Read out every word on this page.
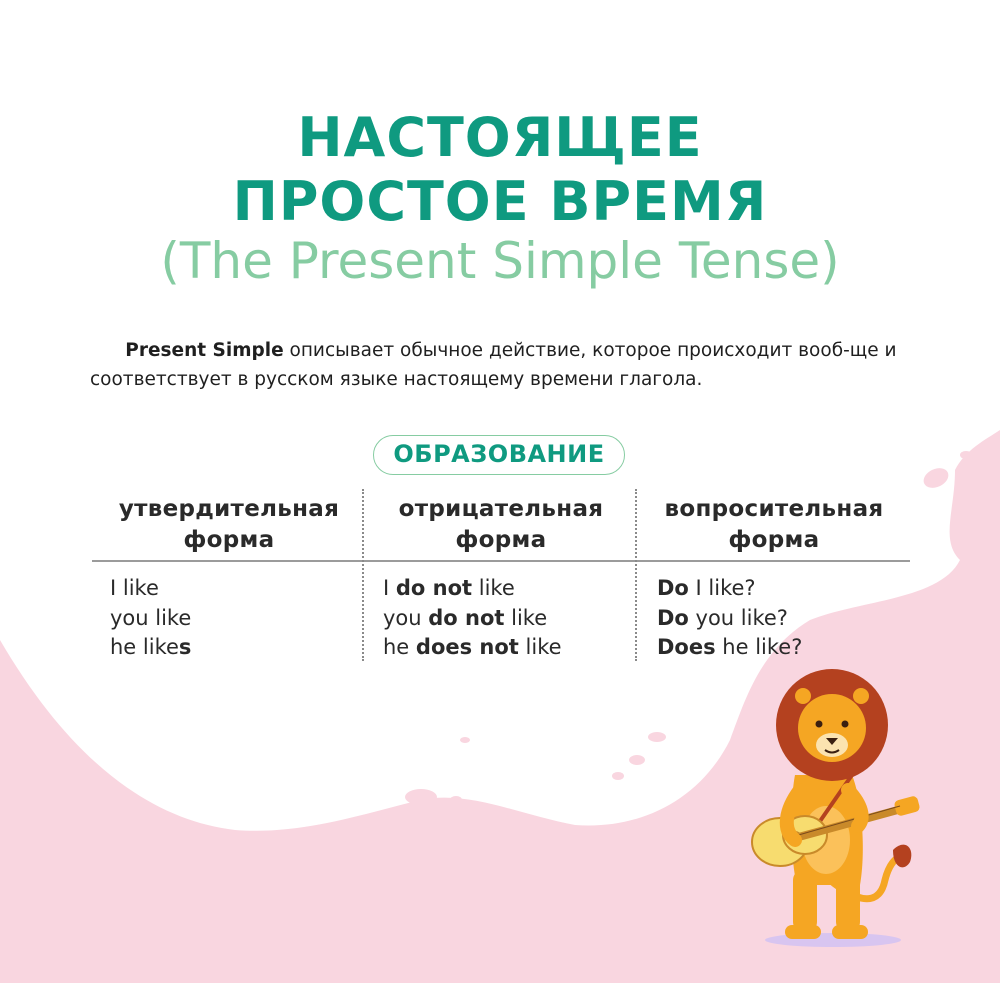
НАСТОЯЩЕЕ
ПРОСТОЕ ВРЕМЯ
(The Present Simple Tense)

Present Simple описывает обычное действие, которое происходит вооб-ще и соответствует в русском языке настоящему времени глагола.

ОБРАЗОВАНИЕ
утвердительная
форма
I like
you like
he likes
отрицательная
форма
I do not like
you do not like
he does not like
вопросительная
форма
Do I like?
Do you like?
Does he like?
